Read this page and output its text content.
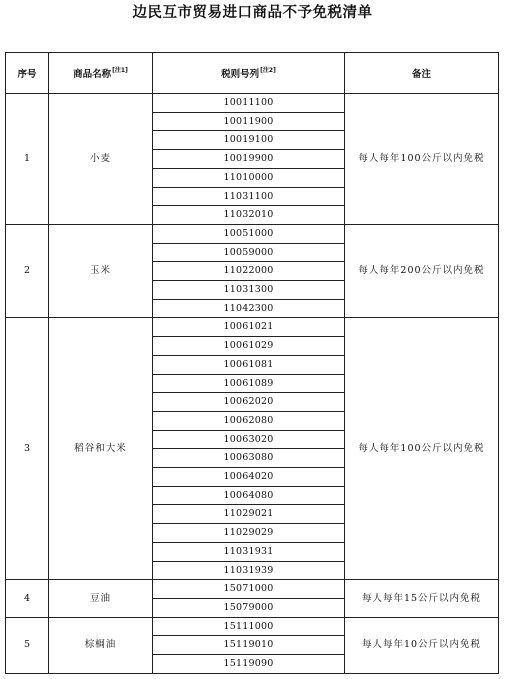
边民互市贸易进口商品不予免税清单
序号	商品名称[注1]	税则号列[注2]	备注
1	小麦	10011100	每人每年100公斤以内免税
		10011900	
		10019100	
		10019900	
		11010000	
		11031100	
		11032010	
2	玉米	10051000	每人每年200公斤以内免税
		10059000	
		11022000	
		11031300	
		11042300	
3	稻谷和大米	10061021	每人每年100公斤以内免税
		10061029	
		10061081	
		10061089	
		10062020	
		10062080	
		10063020	
		10063080	
		10064020	
		10064080	
		11029021	
		11029029	
		11031931	
		11031939	
4	豆油	15071000	每人每年15公斤以内免税
		15079000	
5	棕榈油	15111000	每人每年10公斤以内免税
		15119010	
		15119090	
